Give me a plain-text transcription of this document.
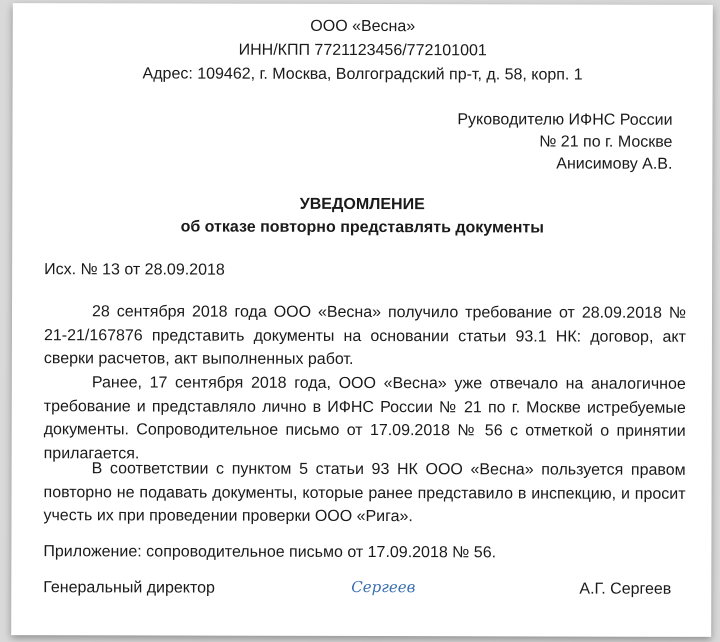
ООО «Весна»
ИНН/КПП 7721123456/772101001
Адрес: 109462, г. Москва, Волгоградский пр-т, д. 58, корп. 1
Руководителю ИФНС России
№ 21 по г. Москве
Анисимову А.В.
УВЕДОМЛЕНИЕ
об отказе повторно представлять документы
Исх. № 13 от 28.09.2018
28 сентября 2018 года ООО «Весна» получило требование от 28.09.2018 № 21-21/167876 представить документы на основании статьи 93.1 НК: договор, акт сверки расчетов, акт выполненных работ.
Ранее, 17 сентября 2018 года, ООО «Весна» уже отвечало на аналогичное требование и представляло лично в ИФНС России № 21 по г. Москве истребуемые документы. Сопроводительное письмо от 17.09.2018 № 56 с отметкой о принятии прилагается.
В соответствии с пунктом 5 статьи 93 НК ООО «Весна» пользуется правом повторно не подавать документы, которые ранее представило в инспекцию, и просит учесть их при проведении проверки ООО «Рига».
Приложение: сопроводительное письмо от 17.09.2018 № 56.
Генеральный директор	Сергеев	А.Г. Сергеев
